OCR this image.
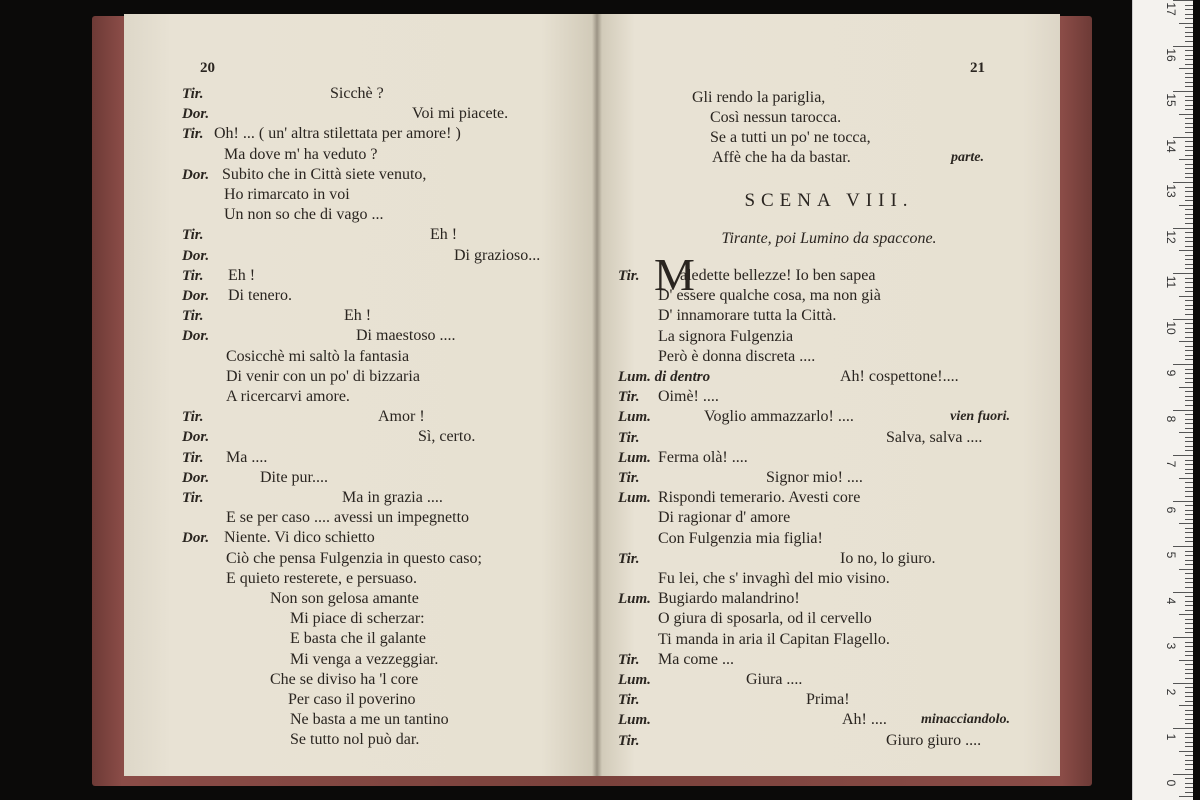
20
Tir.	Sicchè ?
Dor.	Voi mi piacete.
Tir. Oh! ... ( un' altra stilettata per amore! )
Ma dove m' ha veduto ?
Dor. Subito che in Città siete venuto,
Ho rimarcato in voi
Un non so che di vago ...
Tir.	Eh !
Dor.	Di grazioso...
Tir. Eh !
Dor. Di tenero.
Tir.	Eh !
Dor.	Di maestoso ....
Cosicchè mi saltò la fantasia
Di venir con un po' di bizzaria
A ricercarvi amore.
Tir.	Amor !
Dor.	Sì, certo.
Tir. Ma ....
Dor.	Dite pur....
Tir.	Ma in grazia ....
E se per caso .... avessi un impegnetto
Dor. Niente. Vi dico schietto
Ciò che pensa Fulgenzia in questo caso;
E quieto resterete, e persuaso.
Non son gelosa amante
Mi piace di scherzar:
E basta che il galante
Mi venga a vezzeggiar.
Che se diviso ha 'l core
Per caso il poverino
Ne basta a me un tantino
Se tutto nol può dar.
21
Gli rendo la pariglia,
Così nessun tarocca.
Se a tutti un po' ne tocca,
Affè che ha da bastar.	parte.
SCENA VIII.
Tirante, poi Lumino da spaccone.
M
Tir.	aledette bellezze! Io ben sapea
D' essere qualche cosa, ma non già
D' innamorare tutta la Città.
La signora Fulgenzia
Però è donna discreta ....
Lum. di dentro	Ah! cospettone!....
Tir. Oimè! ....
Lum.	Voglio ammazzarlo! ....	vien fuori.
Tir.	Salva, salva ....
Lum. Ferma olà! ....
Tir.	Signor mio! ....
Lum. Rispondi temerario. Avesti core
Di ragionar d' amore
Con Fulgenzia mia figlia!
Tir.	Io no, lo giuro.
Fu lei, che s' invaghì del mio visino.
Lum. Bugiardo malandrino!
O giura di sposarla, od il cervello
Ti manda in aria il Capitan Flagello.
Tir. Ma come ...
Lum.	Giura ....
Tir.	Prima!
Lum.	Ah! .... minacciandolo.
Tir.	Giuro giuro ....
17
16
15
14
13
12
11
10
9
8
7
6
5
4
3
2
1
0
